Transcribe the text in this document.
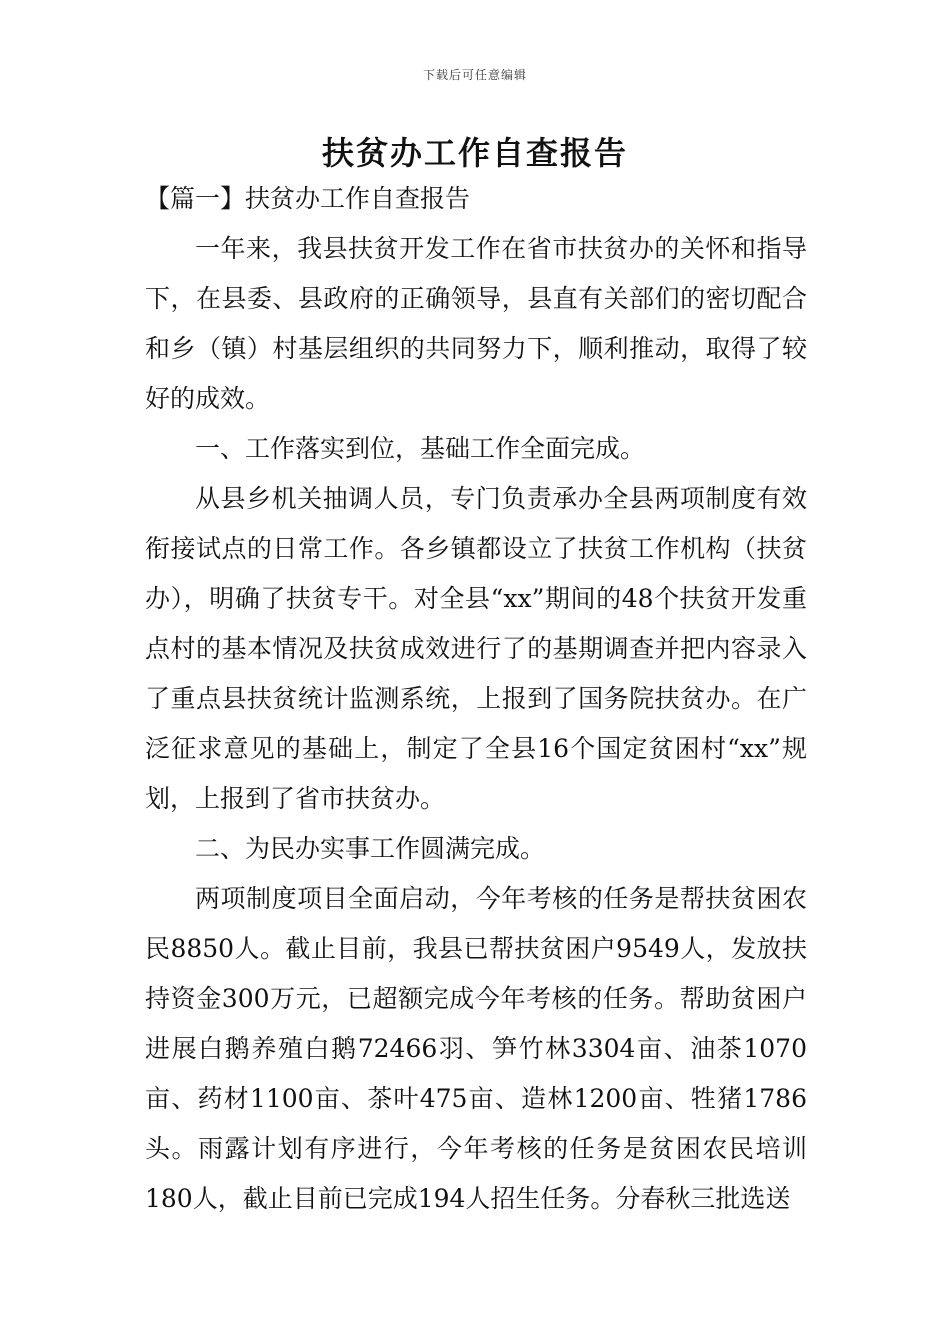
下载后可任意编辑
扶贫办工作自查报告

【篇一】扶贫办工作自查报告

一年来，我县扶贫开发工作在省市扶贫办的关怀和指导下，在县委、县政府的正确领导，县直有关部们的密切配合和乡（镇）村基层组织的共同努力下，顺利推动，取得了较好的成效。

一、工作落实到位，基础工作全面完成。

从县乡机关抽调人员，专门负责承办全县两项制度有效衔接试点的日常工作。各乡镇都设立了扶贫工作机构（扶贫办），明确了扶贫专干。对全县“xx”期间的48个扶贫开发重点村的基本情况及扶贫成效进行了的基期调查并把内容录入了重点县扶贫统计监测系统，上报到了国务院扶贫办。在广泛征求意见的基础上，制定了全县16个国定贫困村“xx”规划，上报到了省市扶贫办。

二、为民办实事工作圆满完成。

两项制度项目全面启动，今年考核的任务是帮扶贫困农民8850人。截止目前，我县已帮扶贫困户9549人，发放扶持资金300万元，已超额完成今年考核的任务。帮助贫困户进展白鹅养殖白鹅72466羽、笋竹林3304亩、油茶1070亩、药材1100亩、茶叶475亩、造林1200亩、牲猪1786头。雨露计划有序进行，今年考核的任务是贫困农民培训180人，截止目前已完成194人招生任务。分春秋三批选送
